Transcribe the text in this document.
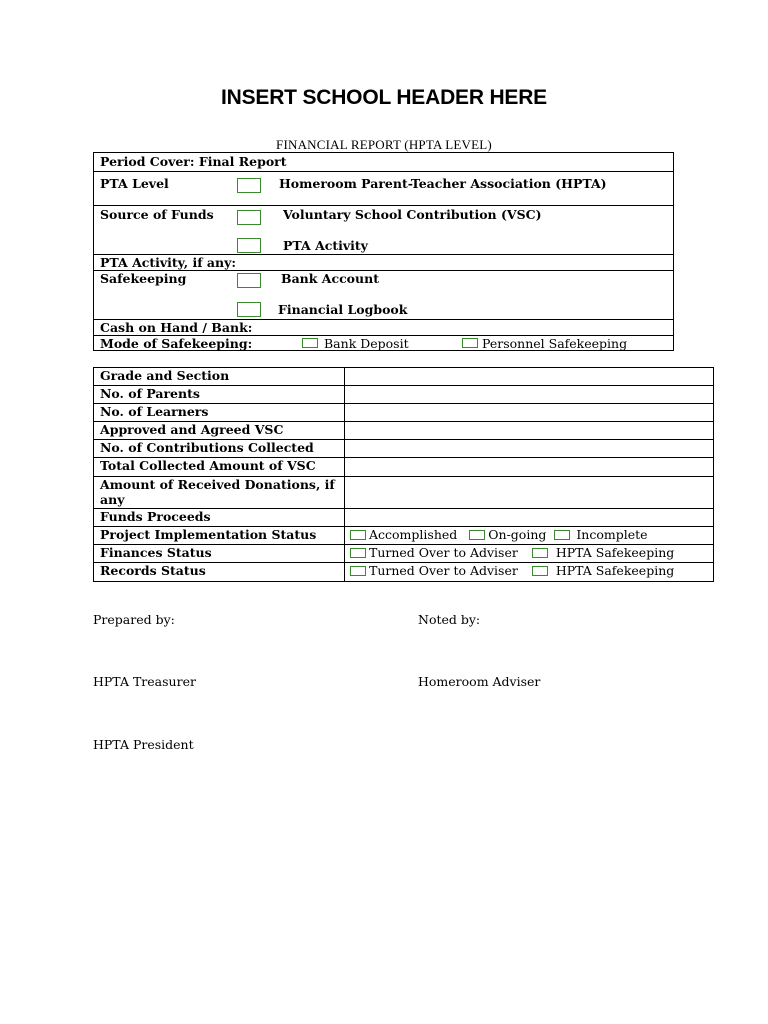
INSERT SCHOOL HEADER HERE
FINANCIAL REPORT (HPTA LEVEL)
Period Cover: Final Report
PTA Level	Homeroom Parent-Teacher Association (HPTA)
Source of Funds	Voluntary School Contribution (VSC)
PTA Activity
PTA Activity, if any:
Safekeeping	Bank Account
Financial Logbook
Cash on Hand / Bank:
Mode of Safekeeping:	Bank Deposit	Personnel Safekeeping
Grade and Section	
No. of Parents	
No. of Learners	
Approved and Agreed VSC	
No. of Contributions Collected	
Total Collected Amount of VSC	
Amount of Received Donations, if any	
Funds Proceeds	
Project Implementation Status	Accomplished
On-going
Incomplete

Finances Status	Turned Over to Adviser
HPTA Safekeeping

Records Status	Turned Over to Adviser
HPTA Safekeeping
Prepared by:	Noted by:
HPTA Treasurer	Homeroom Adviser
HPTA President
